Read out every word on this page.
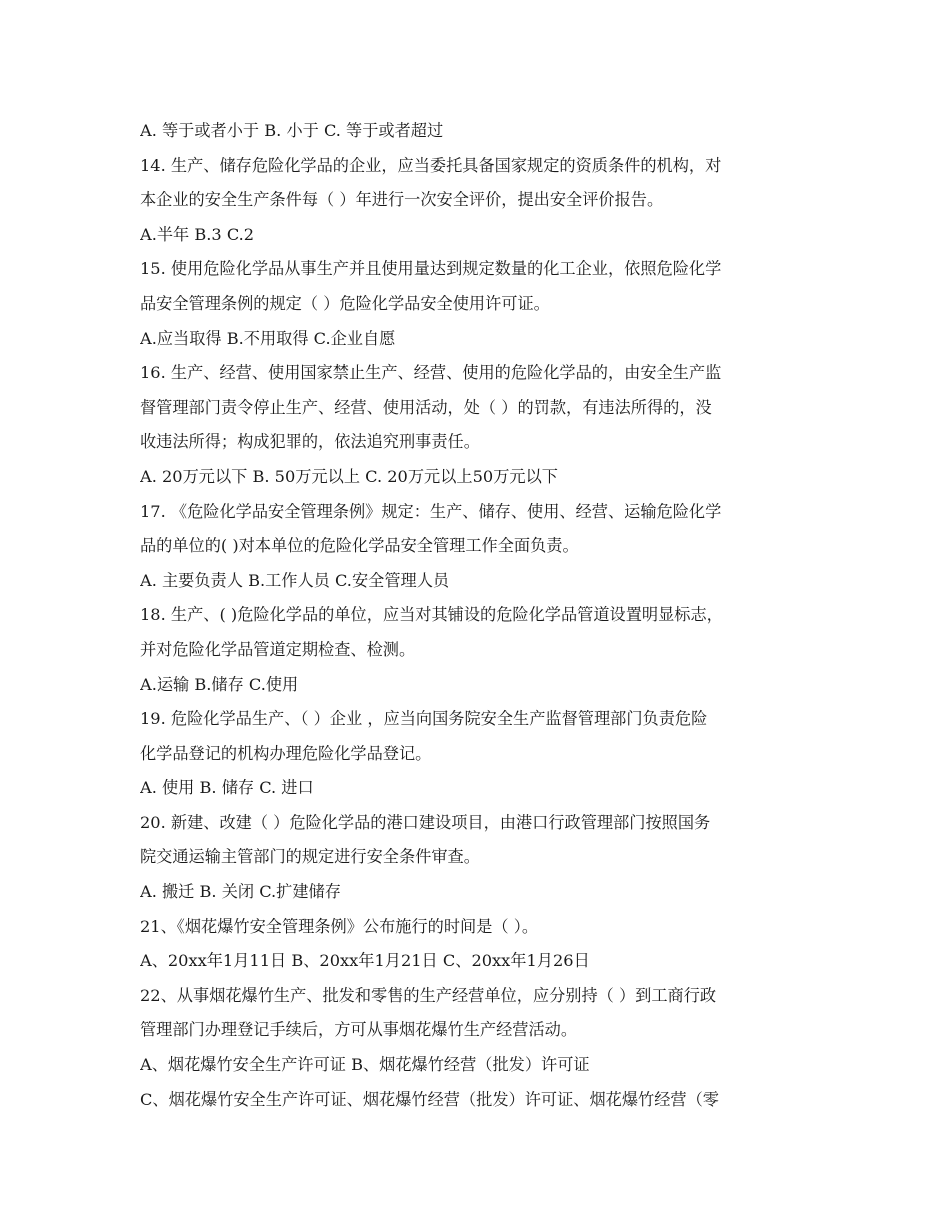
A. 等于或者小于 B. 小于 C. 等于或者超过
14. 生产、储存危险化学品的企业，应当委托具备国家规定的资质条件的机构，对
本企业的安全生产条件每（ ）年进行一次安全评价，提出安全评价报告。
A.半年 B.3 C.2
15. 使用危险化学品从事生产并且使用量达到规定数量的化工企业，依照危险化学
品安全管理条例的规定（ ）危险化学品安全使用许可证。
A.应当取得 B.不用取得 C.企业自愿
16. 生产、经营、使用国家禁止生产、经营、使用的危险化学品的，由安全生产监
督管理部门责令停止生产、经营、使用活动，处（ ）的罚款，有违法所得的，没
收违法所得；构成犯罪的，依法追究刑事责任。
A. 20万元以下 B. 50万元以上 C. 20万元以上50万元以下
17. 《危险化学品安全管理条例》规定：生产、储存、使用、经营、运输危险化学
品的单位的( )对本单位的危险化学品安全管理工作全面负责。
A. 主要负责人 B.工作人员 C.安全管理人员
18. 生产、( )危险化学品的单位，应当对其铺设的危险化学品管道设置明显标志，
并对危险化学品管道定期检查、检测。
A.运输 B.储存 C.使用
19. 危险化学品生产、（ ）企业 ，应当向国务院安全生产监督管理部门负责危险
化学品登记的机构办理危险化学品登记。
A. 使用 B. 储存 C. 进口
20. 新建、改建（ ）危险化学品的港口建设项目，由港口行政管理部门按照国务
院交通运输主管部门的规定进行安全条件审查。
A. 搬迁 B. 关闭 C.扩建储存
21、《烟花爆竹安全管理条例》公布施行的时间是（ ）。
A、20xx年1月11日 B、20xx年1月21日 C、20xx年1月26日
22、从事烟花爆竹生产、批发和零售的生产经营单位，应分别持（ ）到工商行政
管理部门办理登记手续后，方可从事烟花爆竹生产经营活动。
A、烟花爆竹安全生产许可证 B、烟花爆竹经营（批发）许可证
C、烟花爆竹安全生产许可证、烟花爆竹经营（批发）许可证、烟花爆竹经营（零
